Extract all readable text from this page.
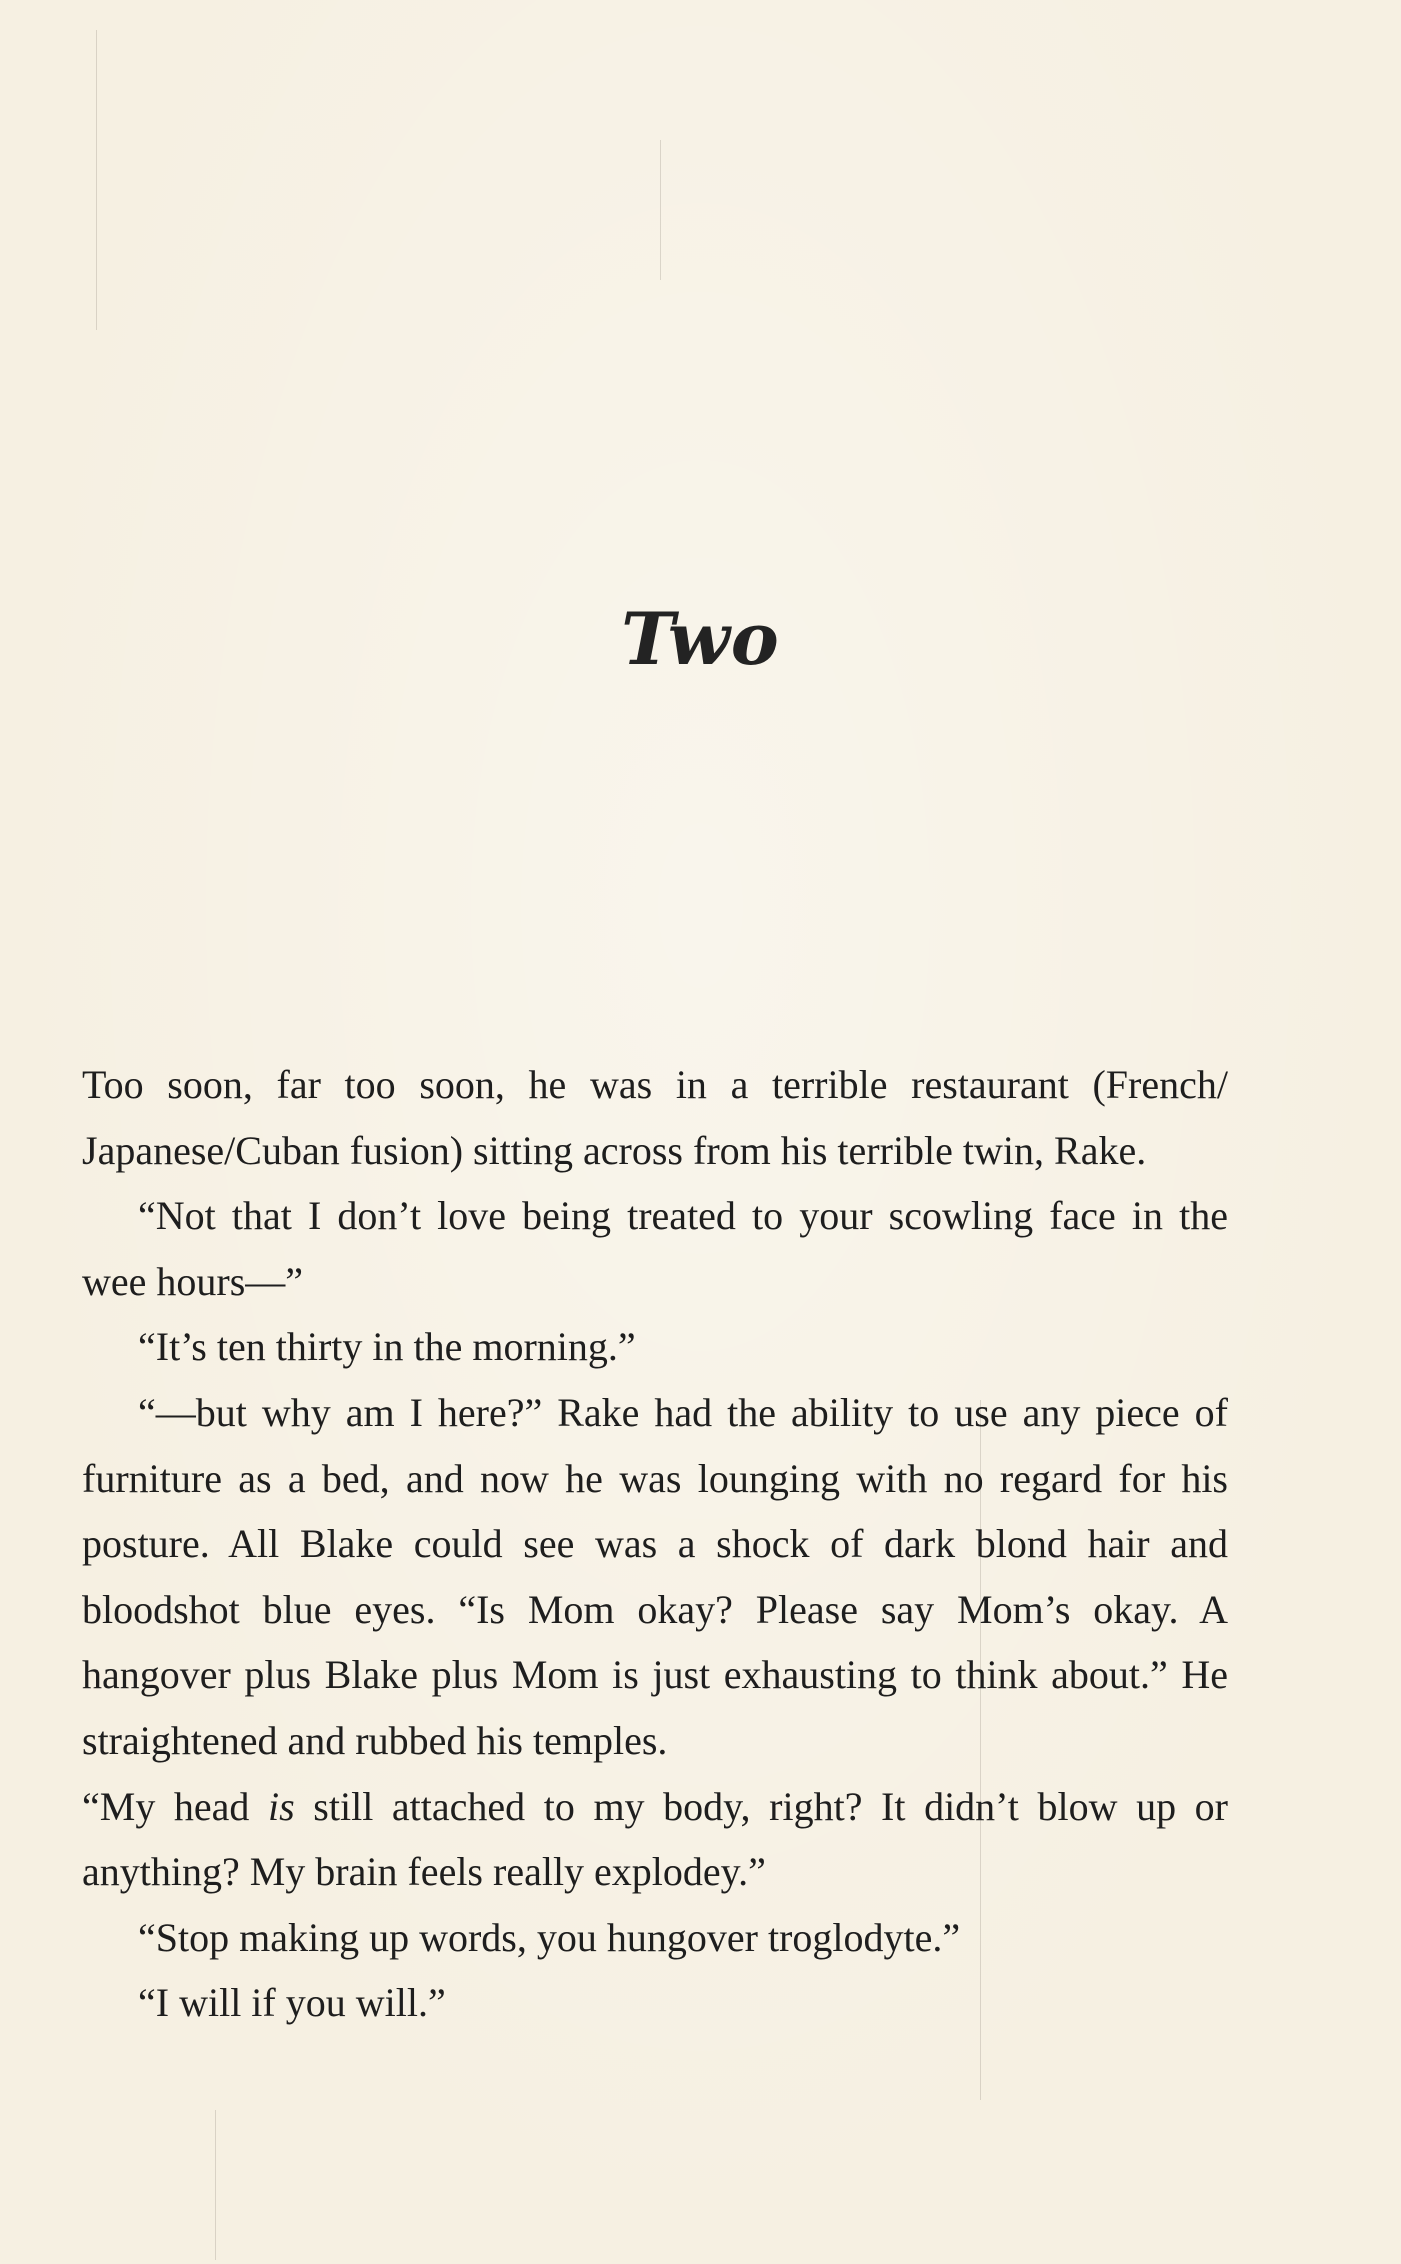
Two

Too soon, far too soon, he was in a terrible restaurant (French/ Japanese/Cuban fusion) sitting across from his terrible twin, Rake.

“Not that I don’t love being treated to your scowling face in the wee hours—”

“It’s ten thirty in the morning.”

“—but why am I here?” Rake had the ability to use any piece of furniture as a bed, and now he was lounging with no regard for his posture. All Blake could see was a shock of dark blond hair and bloodshot blue eyes. “Is Mom okay? Please say Mom’s okay. A hangover plus Blake plus Mom is just exhausting to think about.” He straightened and rubbed his temples.

“My head is still attached to my body, right? It didn’t blow up or anything? My brain feels really explodey.”

“Stop making up words, you hungover troglodyte.”

“I will if you will.”
